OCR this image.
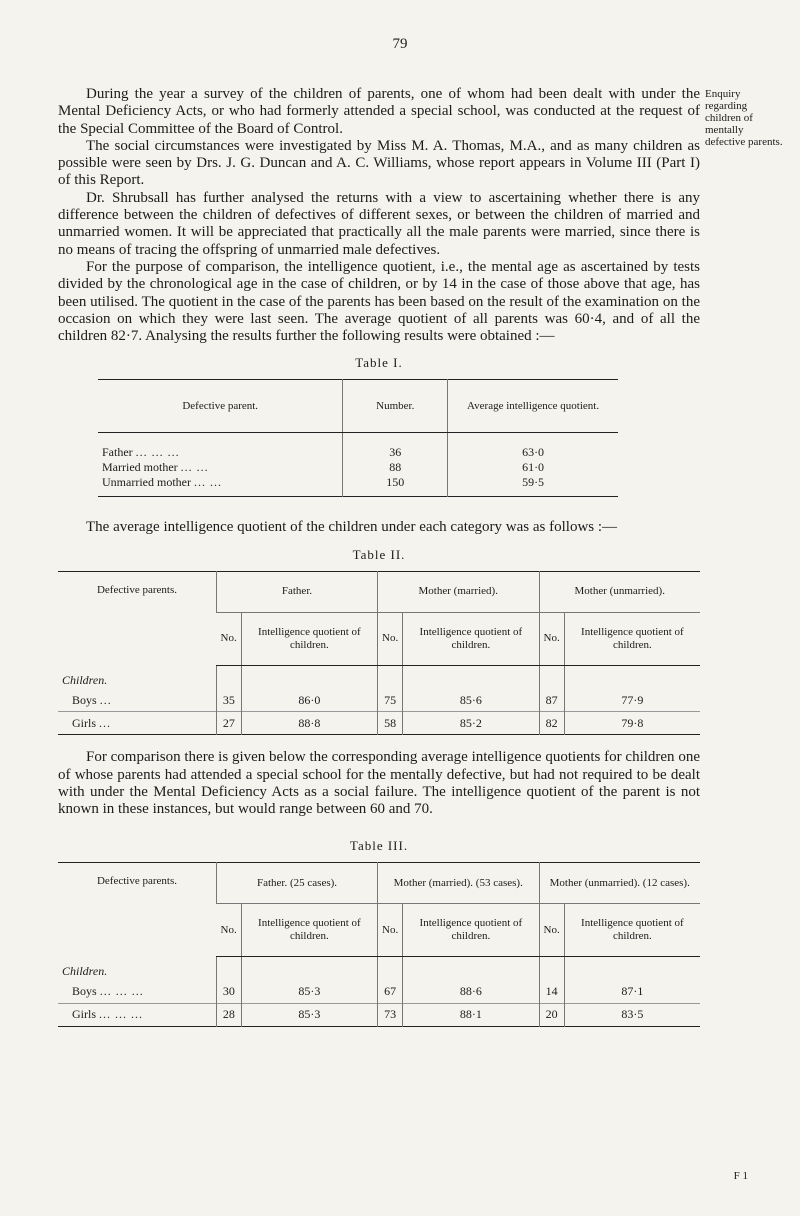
79
Enquiry regarding children of mentally defective parents.

During the year a survey of the children of parents, one of whom had been dealt with under the Mental Deficiency Acts, or who had formerly attended a special school, was conducted at the request of the Special Committee of the Board of Control.

The social circumstances were investigated by Miss M. A. Thomas, M.A., and as many children as possible were seen by Drs. J. G. Duncan and A. C. Williams, whose report appears in Volume III (Part I) of this Report.

Dr. Shrubsall has further analysed the returns with a view to ascertaining whether there is any difference between the children of defectives of different sexes, or between the children of married and unmarried women. It will be appreciated that practically all the male parents were married, since there is no means of tracing the offspring of unmarried male defectives.

For the purpose of comparison, the intelligence quotient, i.e., the mental age as ascertained by tests divided by the chronological age in the case of children, or by 14 in the case of those above that age, has been utilised. The quotient in the case of the parents has been based on the result of the examination on the occasion on which they were last seen. The average quotient of all parents was 60·4, and of all the children 82·7. Analysing the results further the following results were obtained :—

Table I.
Defective parent.	Number.	Average intelligence quotient.
Father ... ... ...	36	63·0
Married mother ... ...	88	61·0
Unmarried mother ... ...	150	59·5

The average intelligence quotient of the children under each category was as follows :—

Table II.
Defective parents.	Father.		Mother (married).		Mother (unmarried).	
	No.	Intelligence quotient of children.	No.	Intelligence quotient of children.	No.	Intelligence quotient of children.
Children.						
Boys ...	35	86·0	75	85·6	87	77·9
Girls ...	27	88·8	58	85·2	82	79·8

For comparison there is given below the corresponding average intelligence quotients for children one of whose parents had attended a special school for the mentally defective, but had not required to be dealt with under the Mental Deficiency Acts as a social failure. The intelligence quotient of the parent is not known in these instances, but would range between 60 and 70.

Table III.
Defective parents.	Father. (25 cases).		Mother (married). (53 cases).		Mother (unmarried). (12 cases).	
	No.	Intelligence quotient of children.	No.	Intelligence quotient of children.	No.	Intelligence quotient of children.
Children.						
Boys ... ... ...	30	85·3	67	88·6	14	87·1
Girls ... ... ...	28	85·3	73	88·1	20	83·5
F 1
